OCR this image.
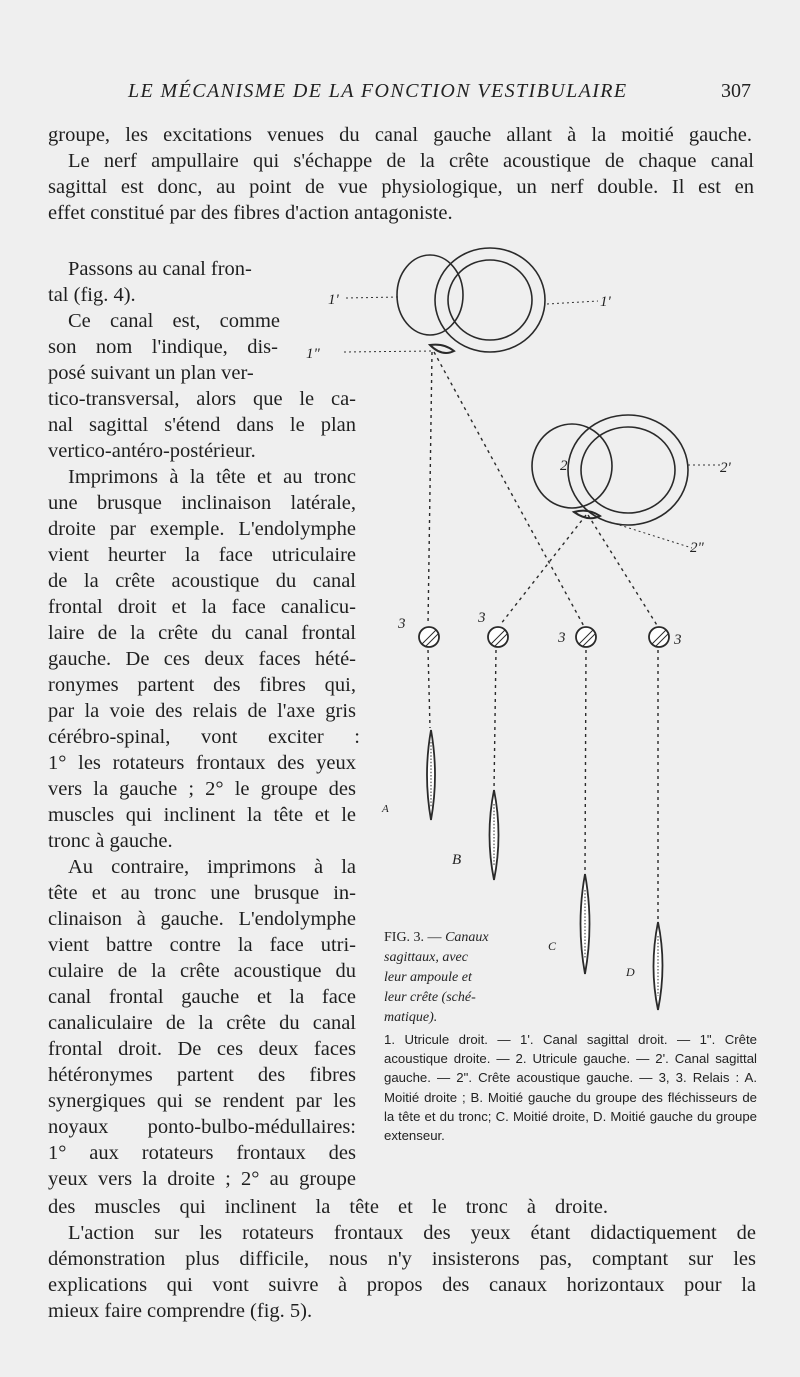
LE MÉCANISME DE LA FONCTION VESTIBULAIRE	307
groupe, les excitations venues du canal gauche allant à la moitié gauche.
Le nerf ampullaire qui s'échappe de la crête acoustique de chaque canal
sagittal est donc, au point de vue physiologique, un nerf double. Il est en
effet constitué par des fibres d'action antagoniste.
Passons au canal fron-
tal (fig. 4).
Ce canal est, comme
son nom l'indique, dis-
posé suivant un plan ver-
tico-transversal, alors que le ca-
nal sagittal s'étend dans le plan
vertico-antéro-postérieur.
Imprimons à la tête et au tronc
une brusque inclinaison latérale,
droite par exemple. L'endolymphe
vient heurter la face utriculaire
de la crête acoustique du canal
frontal droit et la face canalicu-
laire de la crête du canal frontal
gauche. De ces deux faces hété-
ronymes partent des fibres qui,
par la voie des relais de l'axe gris
cérébro-spinal, vont exciter :
1° les rotateurs frontaux des yeux
vers la gauche ; 2° le groupe des
muscles qui inclinent la tête et le
tronc à gauche.
Au contraire, imprimons à la
tête et au tronc une brusque in-
clinaison à gauche. L'endolymphe
vient battre contre la face utri-
culaire de la crête acoustique du
canal frontal gauche et la face
canaliculaire de la crête du canal
frontal droit. De ces deux faces
hétéronymes partent des fibres
synergiques qui se rendent par les
noyaux ponto-bulbo-médullaires:
1° aux rotateurs frontaux des
yeux vers la droite ; 2° au groupe
des muscles qui inclinent la tête et le tronc à droite.
L'action sur les rotateurs frontaux des yeux étant didactiquement de
démonstration plus difficile, nous n'y insisterons pas, comptant sur les
explications qui vont suivre à propos des canaux horizontaux pour la
mieux faire comprendre (fig. 5).
1'	1'
1"
2	2'
2"
3	3
3	3
A
B
C
D
FIG. 3. — Canaux
sagittaux, avec
leur ampoule et
leur crête (sché-
matique).
1. Utricule droit. — 1'. Canal sagittal droit. — 1". Crête acoustique droite. — 2. Utricule gauche. — 2'. Canal sagittal gauche. — 2". Crête acoustique gauche. — 3, 3. Relais : A. Moitié droite ; B. Moitié gauche du groupe des fléchisseurs de la tête et du tronc; C. Moitié droite, D. Moitié gauche du groupe extenseur.
